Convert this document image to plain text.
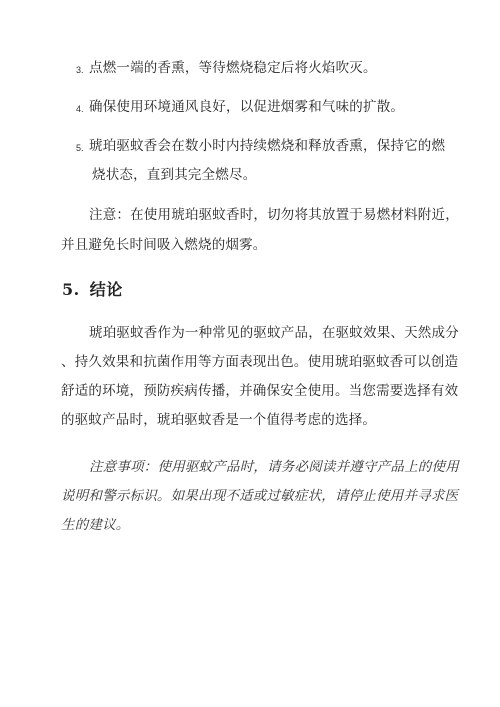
3. 点燃一端的香熏，等待燃烧稳定后将火焰吹灭。
4. 确保使用环境通风良好，以促进烟雾和气味的扩散。
5. 琥珀驱蚊香会在数小时内持续燃烧和释放香熏，保持它的燃
烧状态，直到其完全燃尽。
注意：在使用琥珀驱蚊香时，切勿将其放置于易燃材料附近，
并且避免长时间吸入燃烧的烟雾。
5. 结论
琥珀驱蚊香作为一种常见的驱蚊产品，在驱蚊效果、天然成分
、持久效果和抗菌作用等方面表现出色。使用琥珀驱蚊香可以创造
舒适的环境，预防疾病传播，并确保安全使用。当您需要选择有效
的驱蚊产品时，琥珀驱蚊香是一个值得考虑的选择。
注意事项：使用驱蚊产品时，请务必阅读并遵守产品上的使用
说明和警示标识。如果出现不适或过敏症状，请停止使用并寻求医
生的建议。
